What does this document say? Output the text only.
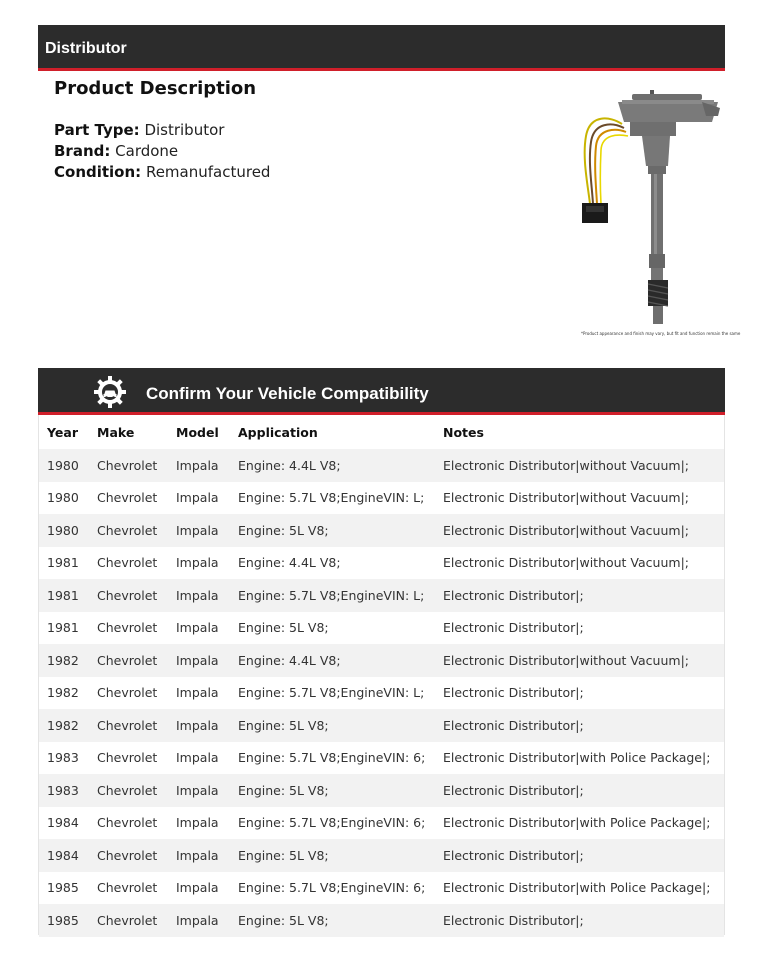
Distributor
Product Description
Part Type: Distributor
Brand: Cardone
Condition: Remanufactured
*Product appearance and finish may vary, but fit and function remain the same
Confirm Your Vehicle Compatibility
Year	Make	Model	Application	Notes
1980	Chevrolet	Impala	Engine: 4.4L V8;	Electronic Distributor|without Vacuum|;
1980	Chevrolet	Impala	Engine: 5.7L V8;EngineVIN: L;	Electronic Distributor|without Vacuum|;
1980	Chevrolet	Impala	Engine: 5L V8;	Electronic Distributor|without Vacuum|;
1981	Chevrolet	Impala	Engine: 4.4L V8;	Electronic Distributor|without Vacuum|;
1981	Chevrolet	Impala	Engine: 5.7L V8;EngineVIN: L;	Electronic Distributor|;
1981	Chevrolet	Impala	Engine: 5L V8;	Electronic Distributor|;
1982	Chevrolet	Impala	Engine: 4.4L V8;	Electronic Distributor|without Vacuum|;
1982	Chevrolet	Impala	Engine: 5.7L V8;EngineVIN: L;	Electronic Distributor|;
1982	Chevrolet	Impala	Engine: 5L V8;	Electronic Distributor|;
1983	Chevrolet	Impala	Engine: 5.7L V8;EngineVIN: 6;	Electronic Distributor|with Police Package|;
1983	Chevrolet	Impala	Engine: 5L V8;	Electronic Distributor|;
1984	Chevrolet	Impala	Engine: 5.7L V8;EngineVIN: 6;	Electronic Distributor|with Police Package|;
1984	Chevrolet	Impala	Engine: 5L V8;	Electronic Distributor|;
1985	Chevrolet	Impala	Engine: 5.7L V8;EngineVIN: 6;	Electronic Distributor|with Police Package|;
1985	Chevrolet	Impala	Engine: 5L V8;	Electronic Distributor|;
